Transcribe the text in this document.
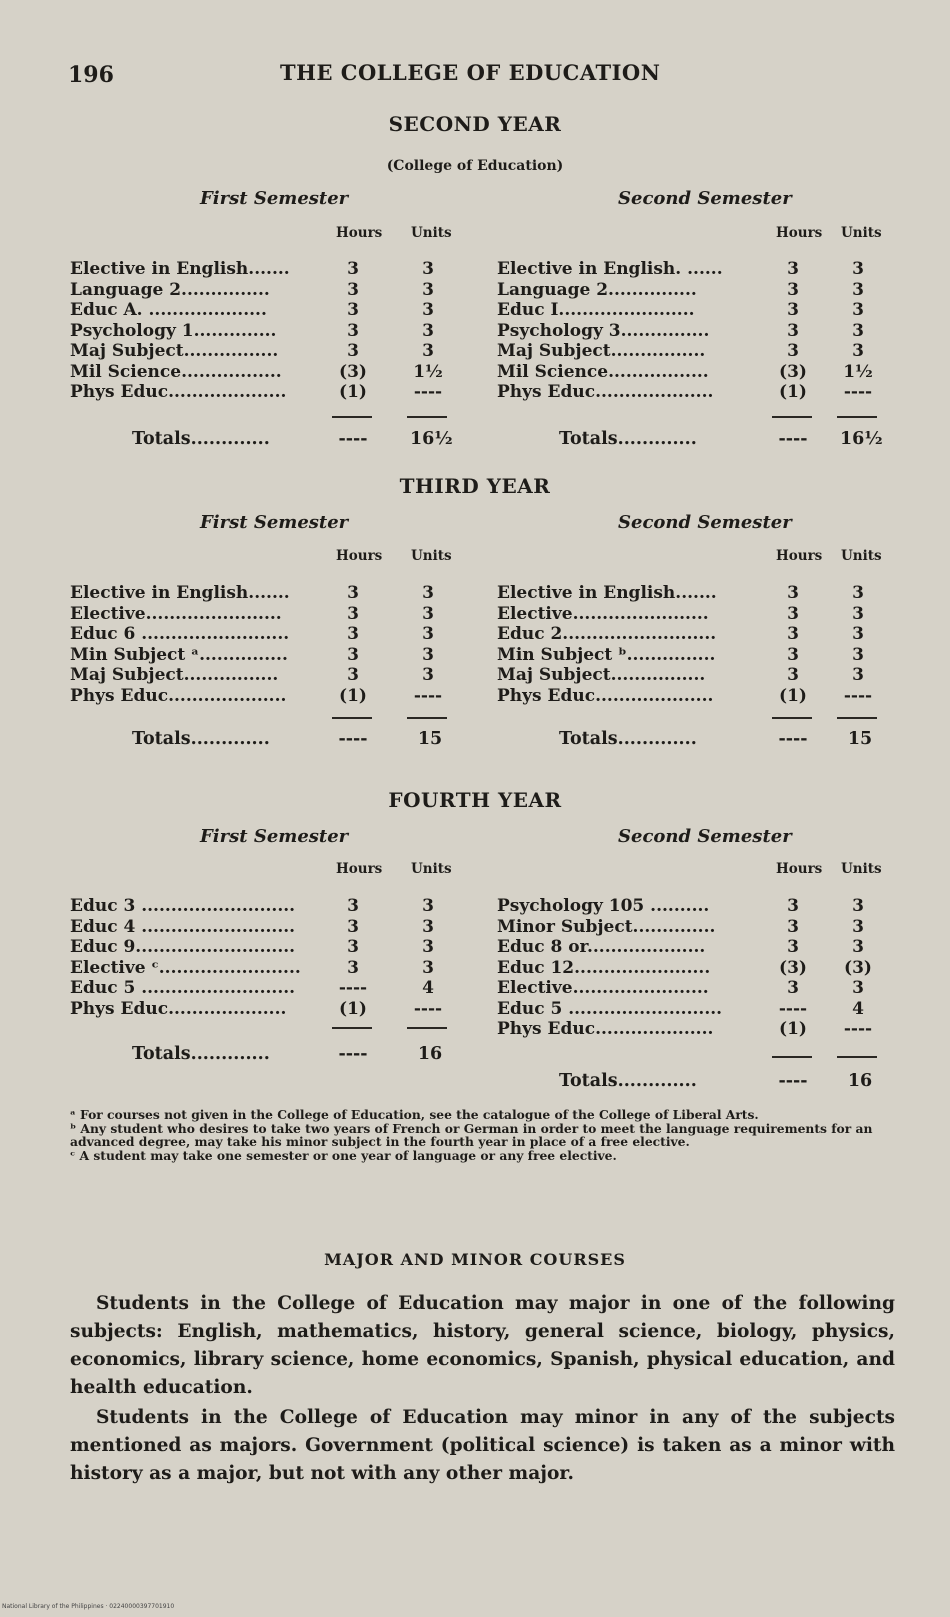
196	THE COLLEGE OF EDUCATION
SECOND YEAR
(College of Education)
First Semester
Hours Units
Elective in English.......	3	3
Language 2...............	3	3
Educ A. ....................	3	3
Psychology 1..............	3	3
Maj Subject................	3	3
Mil Science.................	(3)	1½
Phys Educ....................	(1)	----
Totals.............	---- 16½
Second Semester
Hours Units
Elective in English. ......	3	3
Language 2...............	3	3
Educ I.......................	3	3
Psychology 3...............	3	3
Maj Subject................	3	3
Mil Science.................	(3) 1½
Phys Educ....................	(1) ----
Totals.............	---- 16½
THIRD YEAR
First Semester
Hours Units
Elective in English.......	3	3
Elective.......................	3	3
Educ 6 .........................	3	3
Min Subject ᵃ...............	3	3
Maj Subject................	3	3
Phys Educ....................	(1)	----
Totals.............	----	15
Second Semester
Hours Units
Elective in English.......	3	3
Elective.......................	3	3
Educ 2..........................	3	3
Min Subject ᵇ...............	3	3
Maj Subject................	3	3
Phys Educ....................	(1) ----
Totals.............	----	15
FOURTH YEAR
First Semester
Hours Units
Educ 3 ..........................	3	3
Educ 4 ..........................	3	3
Educ 9...........................	3	3
Elective ᶜ........................	3	3
Educ 5 ..........................	----	4
Phys Educ....................	(1)	----
Totals.............	----	16
Second Semester
Hours Units
Psychology 105 ..........	3	3
Minor Subject..............	3	3
Educ 8 or....................	3	3
Educ 12.......................	(3) (3)
Elective.......................	3	3
Educ 5 ..........................	----	4
Phys Educ....................	(1) ----
Totals.............	----	16

ᵃ For courses not given in the College of Education, see the catalogue of the College of Liberal Arts.

ᵇ Any student who desires to take two years of French or German in order to meet the language requirements for an advanced degree, may take his minor subject in the fourth year in place of a free elective.

ᶜ A student may take one semester or one year of language or any free elective.

MAJOR AND MINOR COURSES

Students in the College of Education may major in one of the following subjects: English, mathematics, history, general science, biology, physics, economics, library science, home economics, Spanish, physical education, and health education.

Students in the College of Education may minor in any of the subjects mentioned as majors. Government (political science) is taken as a minor with history as a major, but not with any other major.

National Library of the Philippines · 02240000397701910
